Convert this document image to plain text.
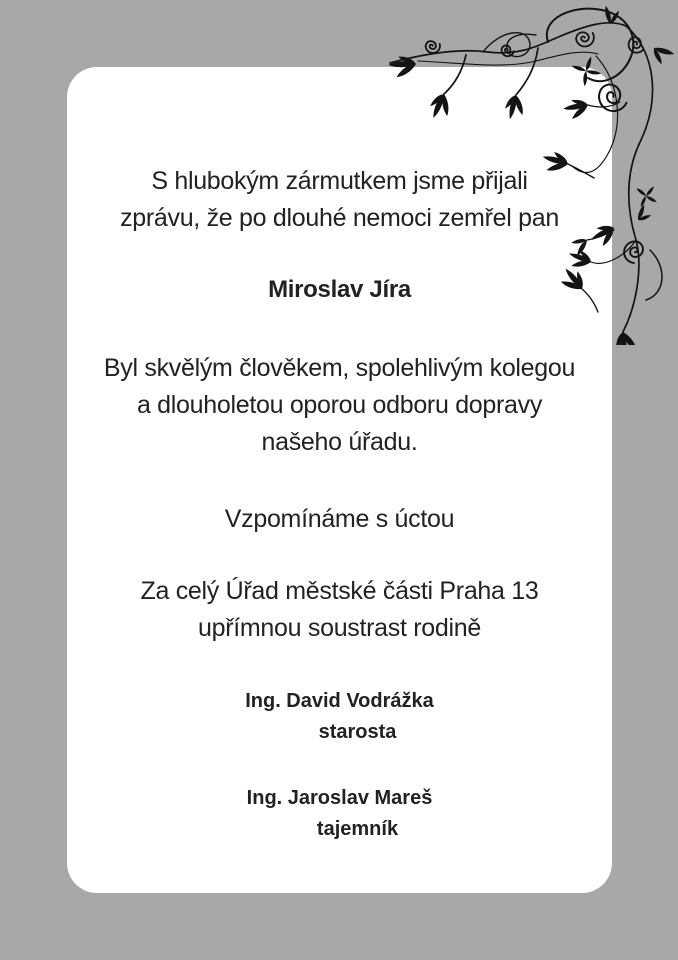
S hlubokým zármutkem jsme přijali
zprávu, že po dlouhé nemoci zemřel pan
Miroslav Jíra
Byl skvělým člověkem, spolehlivým kolegou
a dlouholetou oporou odboru dopravy
našeho úřadu.
Vzpomínáme s úctou
Za celý Úřad městské části Praha 13
upřímnou soustrast rodině
Ing. David Vodrážka
starosta
Ing. Jaroslav Mareš
tajemník
